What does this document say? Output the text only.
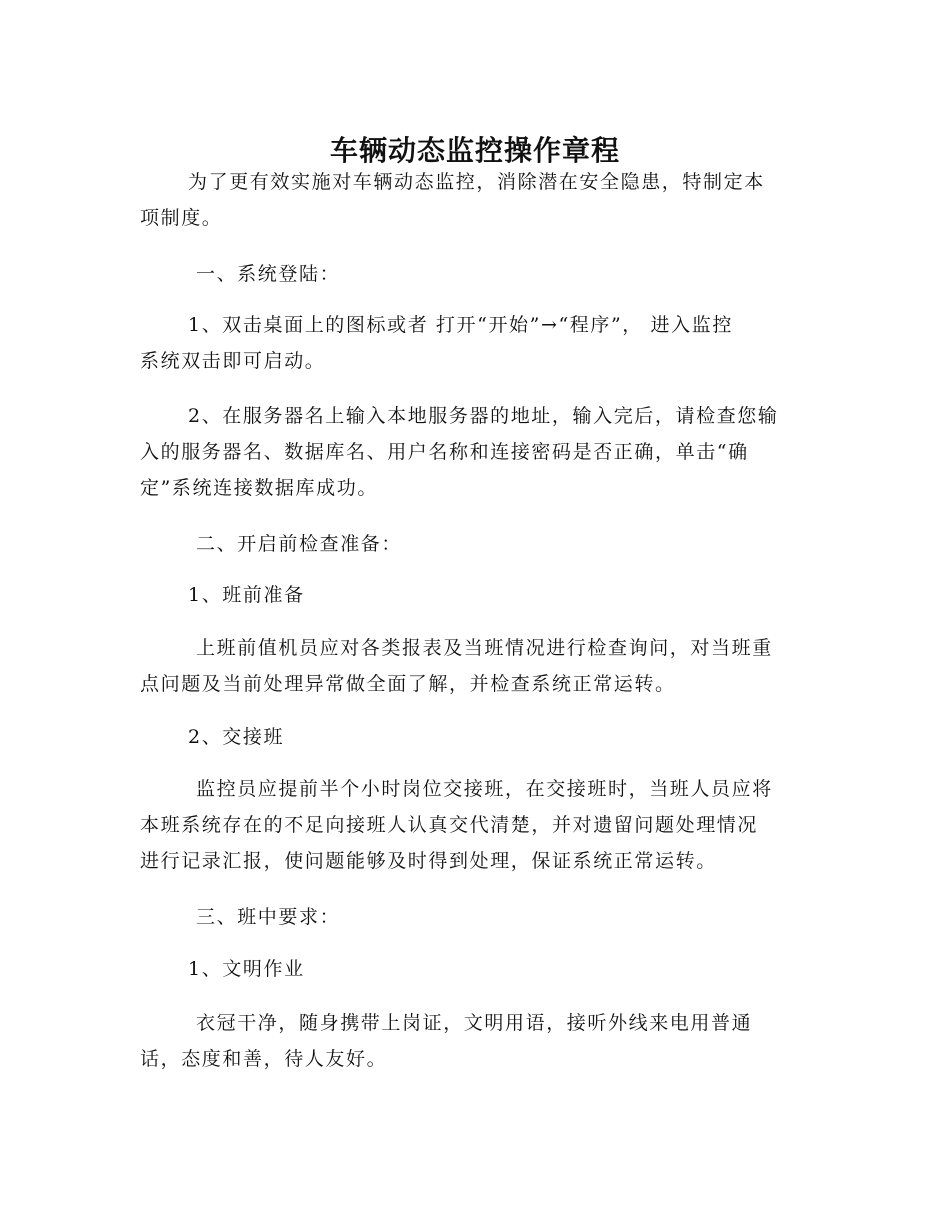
车辆动态监控操作章程

为了更有效实施对车辆动态监控，消除潜在安全隐患，特制定本
项制度。

一、系统登陆：

1、双击桌面上的图标或者 打开“开始”→“程序”， 进入监控
系统双击即可启动。

2、在服务器名上输入本地服务器的地址，输入完后，请检查您输
入的服务器名、数据库名、用户名称和连接密码是否正确，单击“确
定”系统连接数据库成功。

二、开启前检查准备：

1、班前准备

上班前值机员应对各类报表及当班情况进行检查询问，对当班重
点问题及当前处理异常做全面了解，并检查系统正常运转。

2、交接班

监控员应提前半个小时岗位交接班，在交接班时，当班人员应将
本班系统存在的不足向接班人认真交代清楚，并对遗留问题处理情况
进行记录汇报，使问题能够及时得到处理，保证系统正常运转。

三、班中要求：

1、文明作业

衣冠干净，随身携带上岗证，文明用语，接听外线来电用普通
话，态度和善，待人友好。
